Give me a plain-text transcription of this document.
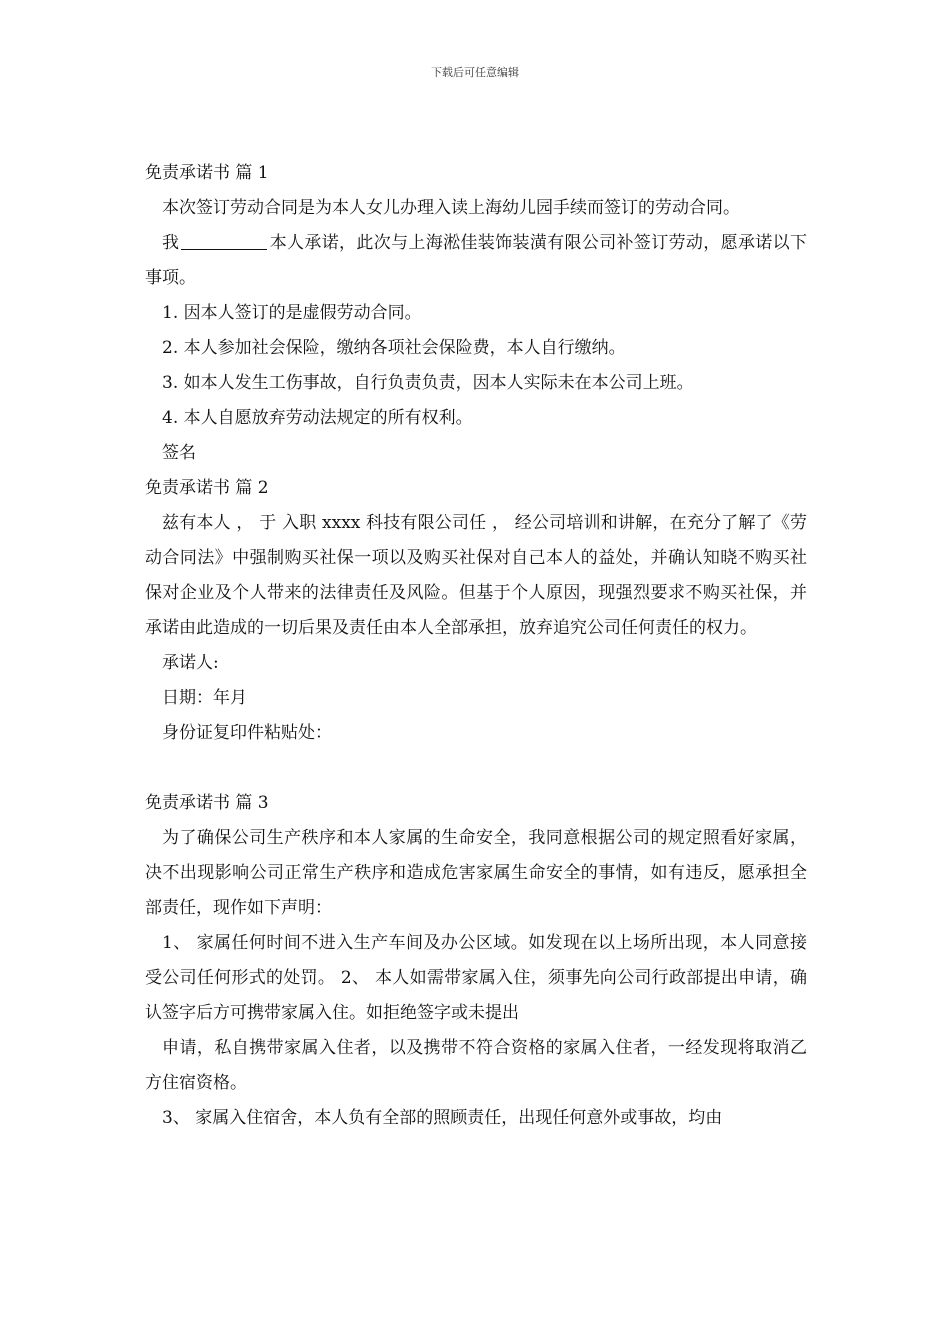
下载后可任意编辑

免责承诺书 篇 1

本次签订劳动合同是为本人女儿办理入读上海幼儿园手续而签订的劳动合同。

我	本人承诺，此次与上海淞佳装饰装潢有限公司补签订劳动，愿承诺以下事项。

1. 因本人签订的是虚假劳动合同。

2. 本人参加社会保险，缴纳各项社会保险费，本人自行缴纳。

3. 如本人发生工伤事故，自行负责负责，因本人实际未在本公司上班。

4. 本人自愿放弃劳动法规定的所有权利。

签名

免责承诺书 篇 2

兹有本人 ， 于 入职 xxxx 科技有限公司任 ， 经公司培训和讲解，在充分了解了《劳动合同法》中强制购买社保一项以及购买社保对自己本人的益处，并确认知晓不购买社保对企业及个人带来的法律责任及风险。但基于个人原因，现强烈要求不购买社保，并承诺由此造成的一切后果及责任由本人全部承担，放弃追究公司任何责任的权力。

承诺人:

日期：年月

身份证复印件粘贴处：

免责承诺书 篇 3

为了确保公司生产秩序和本人家属的生命安全，我同意根据公司的规定照看好家属，决不出现影响公司正常生产秩序和造成危害家属生命安全的事情，如有违反，愿承担全部责任，现作如下声明：

1、 家属任何时间不进入生产车间及办公区域。如发现在以上场所出现，本人同意接受公司任何形式的处罚。 2、 本人如需带家属入住，须事先向公司行政部提出申请，确认签字后方可携带家属入住。如拒绝签字或未提出

申请，私自携带家属入住者，以及携带不符合资格的家属入住者，一经发现将取消乙方住宿资格。

3、 家属入住宿舍，本人负有全部的照顾责任，出现任何意外或事故，均由
